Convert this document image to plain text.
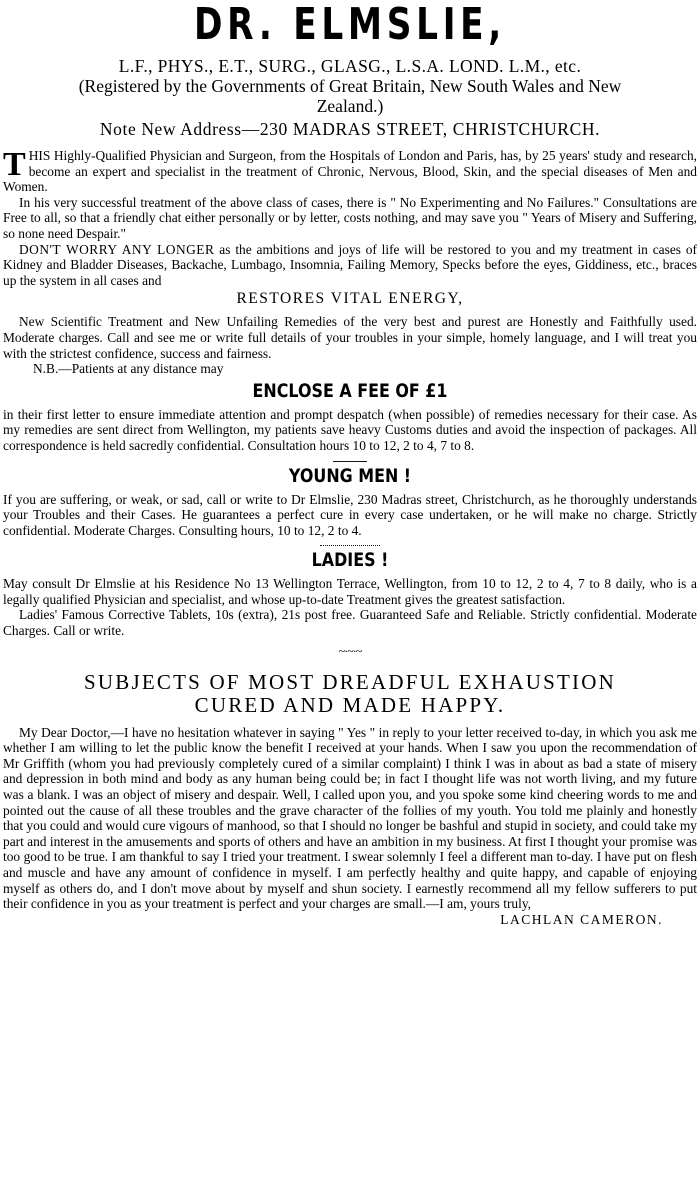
DR. ELMSLIE,

L.F., PHYS., E.T., SURG., GLASG., L.S.A. LOND. L.M., etc.

(Registered by the Governments of Great Britain, New South Wales and New

Zealand.)

Note New Address—230 MADRAS STREET, CHRISTCHURCH.

THIS Highly-Qualified Physician and Surgeon, from the Hospitals of London and Paris, has, by 25 years' study and research, become an expert and specialist in the treatment of Chronic, Nervous, Blood, Skin, and the special diseases of Men and Women.

In his very successful treatment of the above class of cases, there is " No Experimenting and No Failures." Consultations are Free to all, so that a friendly chat either personally or by letter, costs nothing, and may save you " Years of Misery and Suffering, so none need Despair."

DON'T WORRY ANY LONGER as the ambitions and joys of life will be restored to you and my treatment in cases of Kidney and Bladder Diseases, Backache, Lumbago, Insomnia, Failing Memory, Specks before the eyes, Giddiness, etc., braces up the system in all cases and

RESTORES VITAL ENERGY,

New Scientific Treatment and New Unfailing Remedies of the very best and purest are Honestly and Faithfully used. Moderate charges. Call and see me or write full details of your troubles in your simple, homely language, and I will treat you with the strictest confidence, success and fairness.

N.B.—Patients at any distance may

ENCLOSE A FEE OF £1

in their first letter to ensure immediate attention and prompt despatch (when possible) of remedies necessary for their case. As my remedies are sent direct from Wellington, my patients save heavy Customs duties and avoid the inspection of packages. All correspondence is held sacredly confidential. Consultation hours 10 to 12, 2 to 4, 7 to 8.

YOUNG MEN !

If you are suffering, or weak, or sad, call or write to Dr Elmslie, 230 Madras street, Christchurch, as he thoroughly understands your Troubles and their Cases. He guarantees a perfect cure in every case undertaken, or he will make no charge. Strictly confidential. Moderate Charges. Consulting hours, 10 to 12, 2 to 4.

LADIES !

May consult Dr Elmslie at his Residence No 13 Wellington Terrace, Wellington, from 10 to 12, 2 to 4, 7 to 8 daily, who is a legally qualified Physician and specialist, and whose up-to-date Treatment gives the greatest satisfaction.

Ladies' Famous Corrective Tablets, 10s (extra), 21s post free. Guaranteed Safe and Reliable. Strictly confidential. Moderate Charges. Call or write.

~·~·~
SUBJECTS OF MOST DREADFUL EXHAUSTION
CURED AND MADE HAPPY.

My Dear Doctor,—I have no hesitation whatever in saying " Yes " in reply to your letter received to-day, in which you ask me whether I am willing to let the public know the benefit I received at your hands. When I saw you upon the recommendation of Mr Griffith (whom you had previously completely cured of a similar complaint) I think I was in about as bad a state of misery and depression in both mind and body as any human being could be; in fact I thought life was not worth living, and my future was a blank. I was an object of misery and despair. Well, I called upon you, and you spoke some kind cheering words to me and pointed out the cause of all these troubles and the grave character of the follies of my youth. You told me plainly and honestly that you could and would cure vigours of manhood, so that I should no longer be bashful and stupid in society, and could take my part and interest in the amusements and sports of others and have an ambition in my business. At first I thought your promise was too good to be true. I am thankful to say I tried your treatment. I swear solemnly I feel a different man to-day. I have put on flesh and muscle and have any amount of confidence in myself. I am perfectly healthy and quite happy, and capable of enjoying myself as others do, and I don't move about by myself and shun society. I earnestly recommend all my fellow sufferers to put their confidence in you as your treatment is perfect and your charges are small.—I am, yours truly,

LACHLAN CAMERON.
